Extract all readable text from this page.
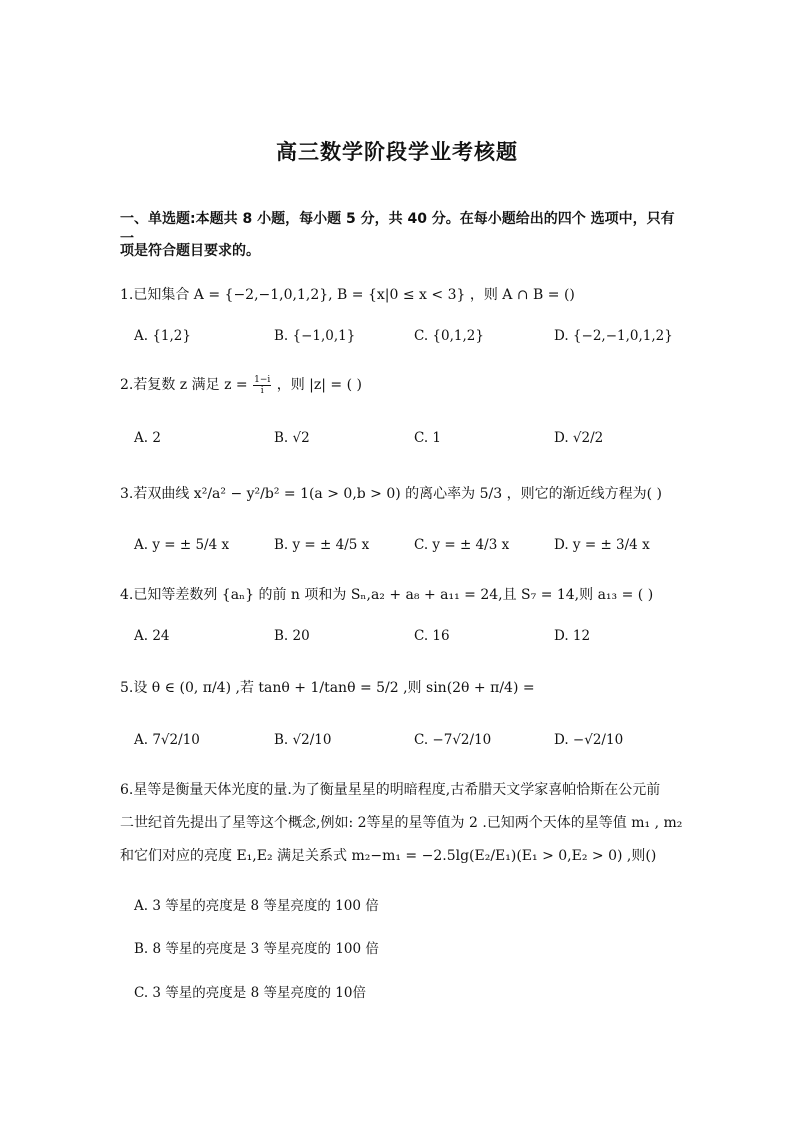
高三数学阶段学业考核题
一、单选题:本题共 8 小题，每小题 5 分，共 40 分。在每小题给出的四个 选项中，只有一
项是符合题目要求的。
1.已知集合 A = {−2,−1,0,1,2}, B = {x|0 ≤ x < 3} ，则 A ∩ B = ()
A. {1,2}	B. {−1,0,1}	C. {0,1,2}	D. {−2,−1,0,1,2}
2.若复数 z 满足 $z = \frac{1-i}{i}$ ，则 |z| = ( )
A. 2	B. √2	C. 1	D. √2/2
3.若双曲线 x²/a² − y²/b² = 1(a > 0,b > 0) 的离心率为 5/3 ，则它的渐近线方程为( )
A. y = ± 5/4 x	B. y = ± 4/5 x	C. y = ± 4/3 x	D. y = ± 3/4 x
4.已知等差数列 {aₙ} 的前 n 项和为 Sₙ,a₂ + a₈ + a₁₁ = 24,且 S₇ = 14,则 a₁₃ = ( )
A. 24	B. 20	C. 16	D. 12
5.设 θ ∈ (0, π/4) ,若 tanθ + 1/tanθ = 5/2 ,则 sin(2θ + π/4) =
A. 7√2/10	B. √2/10	C. −7√2/10	D. −√2/10
6.星等是衡量天体光度的量.为了衡量星星的明暗程度,古希腊天文学家喜帕恰斯在公元前
二世纪首先提出了星等这个概念,例如: 2等星的星等值为 2 .已知两个天体的星等值 m₁ , m₂
和它们对应的亮度 E₁,E₂ 满足关系式 m₂−m₁ = −2.5lg(E₂/E₁)(E₁ > 0,E₂ > 0) ,则()
A. 3 等星的亮度是 8 等星亮度的 100 倍
B. 8 等星的亮度是 3 等星亮度的 100 倍
C. 3 等星的亮度是 8 等星亮度的 10倍
